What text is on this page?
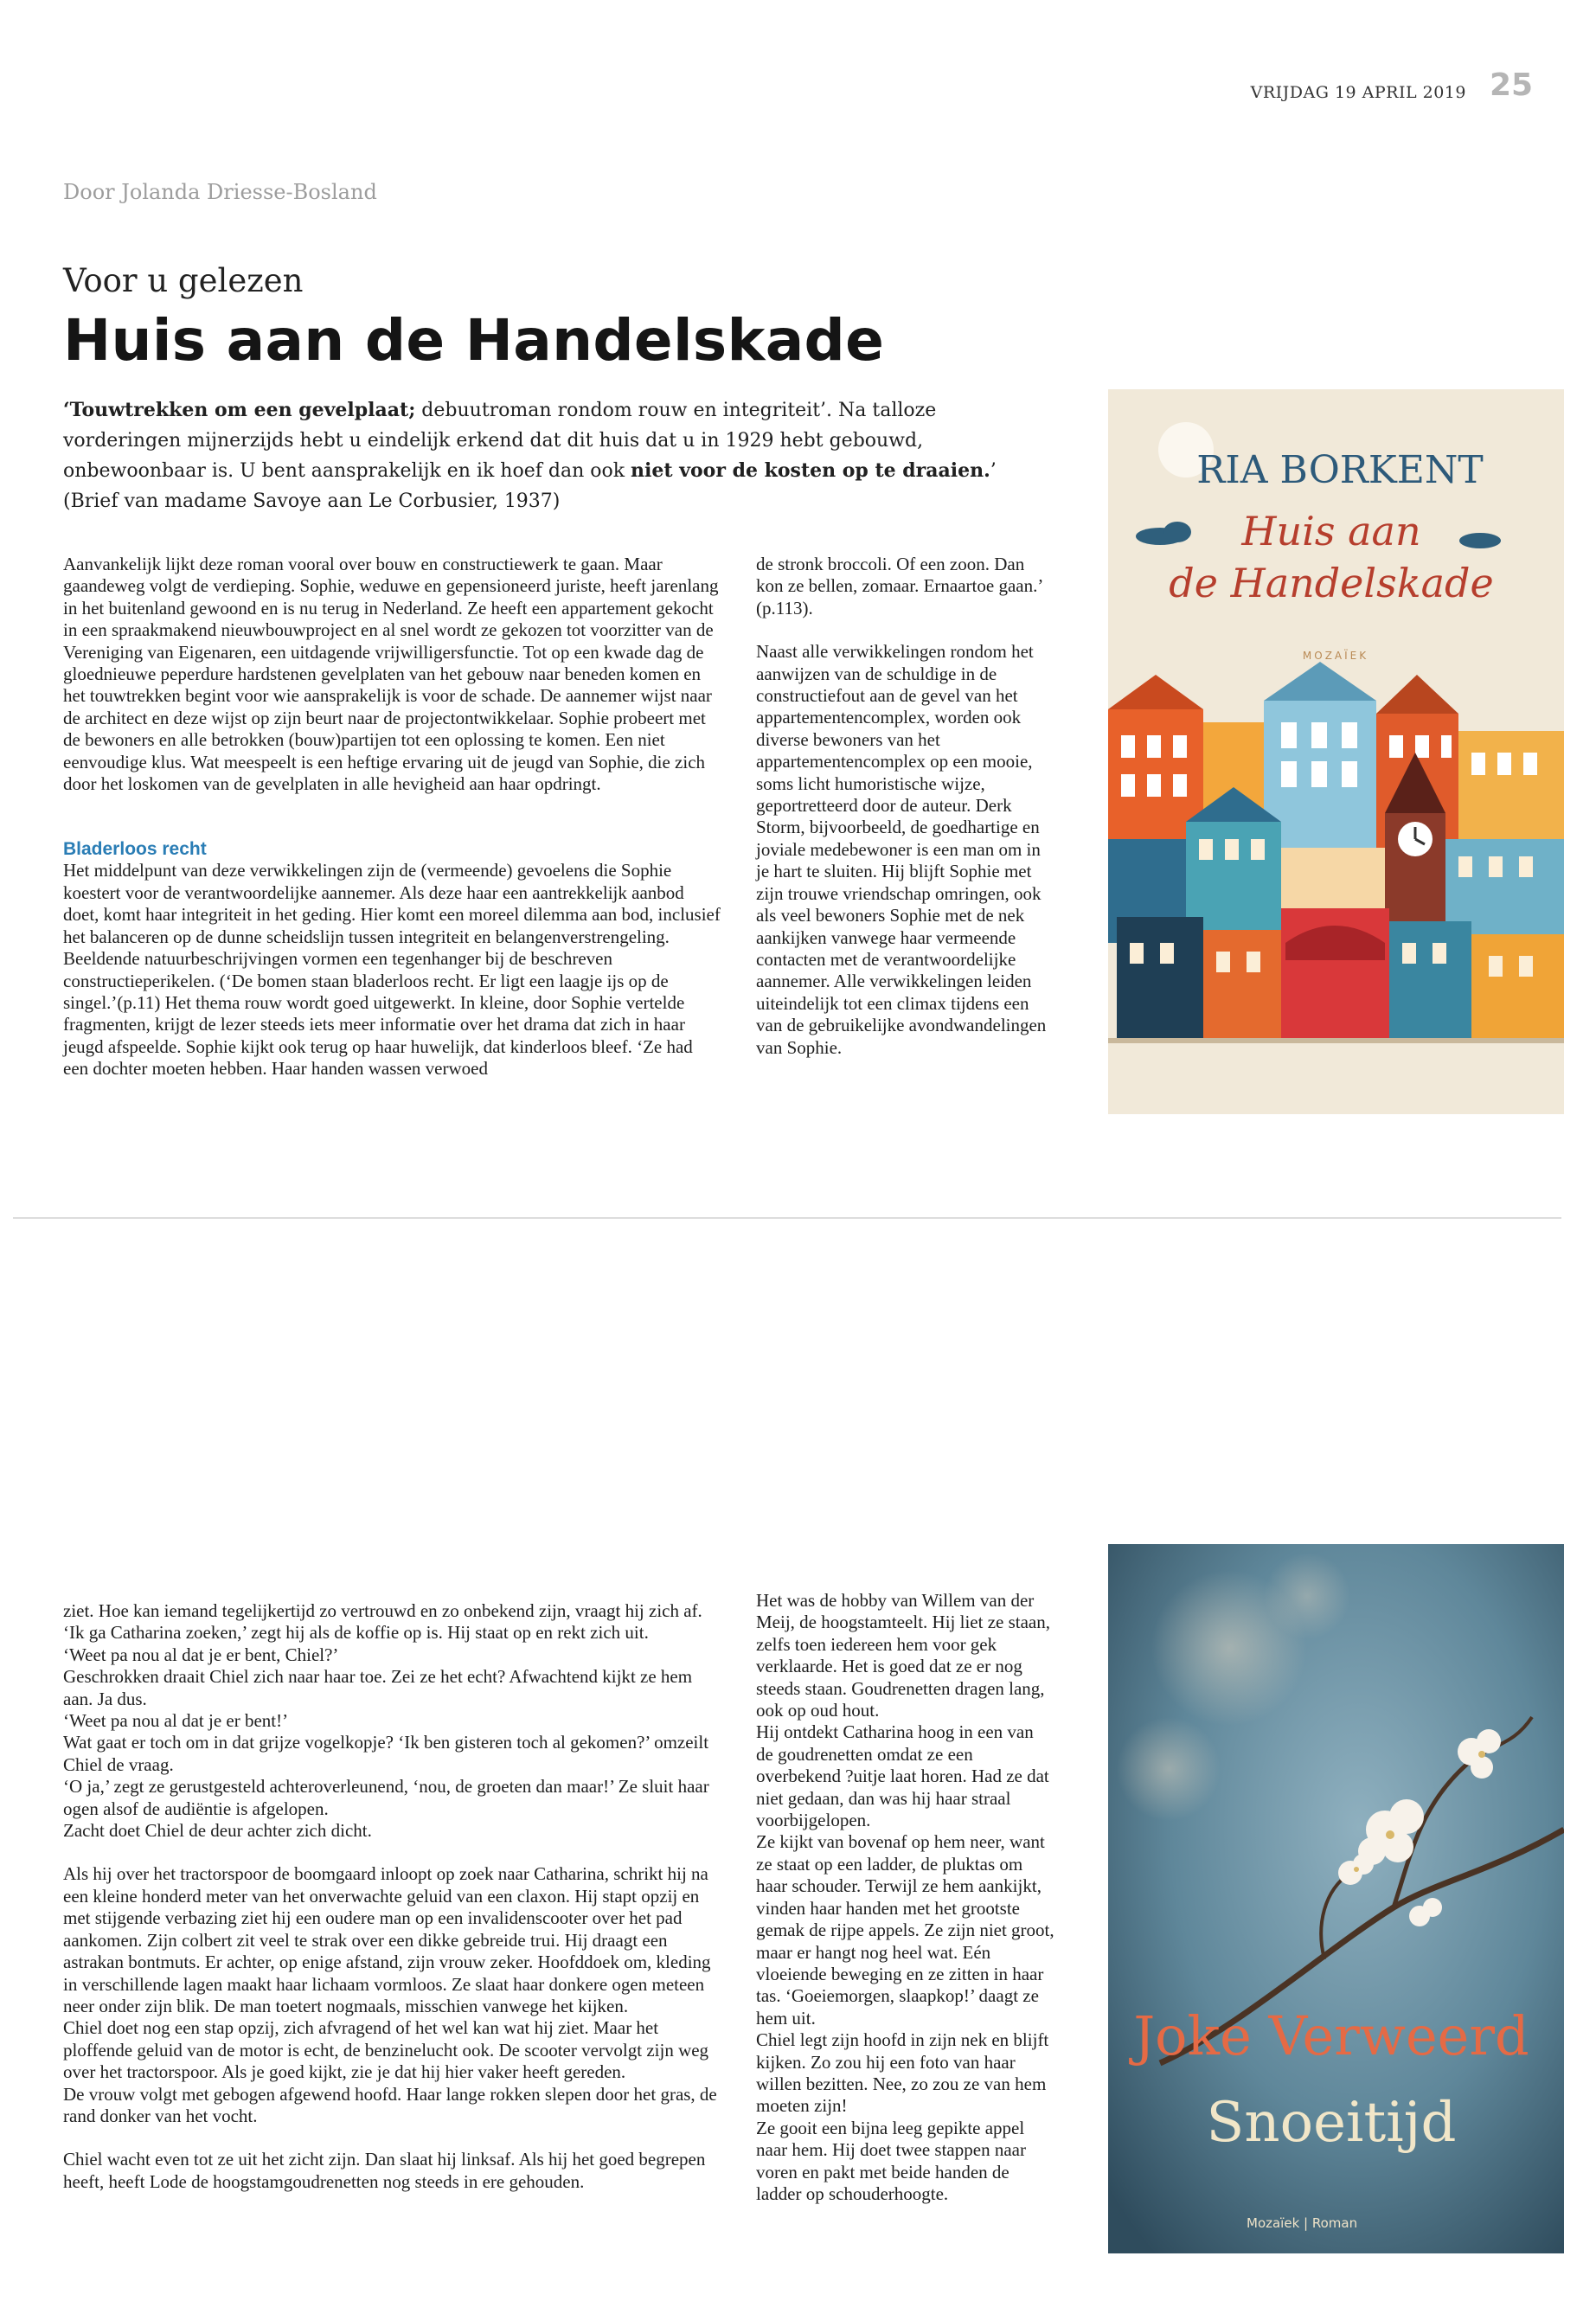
VRIJDAG 19 APRIL 2019 25
Door Jolanda Driesse-Bosland
Voor u gelezen
Huis aan de Handelskade
‘Touwtrekken om een gevelplaat; debuutroman rondom rouw en integriteit’. Na talloze vorderingen mijnerzijds hebt u eindelijk erkend dat dit huis dat u in 1929 hebt gebouwd, onbewoonbaar is. U bent aansprakelijk en ik hoef dan ook niet voor de kosten op te draaien.’ (Brief van madame Savoye aan Le Corbusier, 1937)

Aanvankelijk lijkt deze roman vooral over bouw en constructiewerk te gaan. Maar gaandeweg volgt de verdieping. Sophie, weduwe en gepensioneerd juriste, heeft jarenlang in het buitenland gewoond en is nu terug in Nederland. Ze heeft een appartement gekocht in een spraakmakend nieuwbouwproject en al snel wordt ze gekozen tot voorzitter van de Vereniging van Eigenaren, een uitdagende vrijwilligersfunctie. Tot op een kwade dag de gloednieuwe peperdure hardstenen gevelplaten van het gebouw naar beneden komen en het touwtrekken begint voor wie aansprakelijk is voor de schade. De aannemer wijst naar de architect en deze wijst op zijn beurt naar de projectontwikkelaar. Sophie probeert met de bewoners en alle betrokken (bouw)partijen tot een oplossing te komen. Een niet eenvoudige klus. Wat meespeelt is een heftige ervaring uit de jeugd van Sophie, die zich door het loskomen van de gevelplaten in alle hevigheid aan haar opdringt.

Bladerloos recht

Het middelpunt van deze verwikkelingen zijn de (vermeende) gevoelens die Sophie koestert voor de verantwoordelijke aannemer. Als deze haar een aantrekkelijk aanbod doet, komt haar integriteit in het geding. Hier komt een moreel dilemma aan bod, inclusief het balanceren op de dunne scheidslijn tussen integriteit en belangenverstrengeling. Beeldende natuurbeschrijvingen vormen een tegenhanger bij de beschreven constructieperikelen. (‘De bomen staan bladerloos recht. Er ligt een laagje ijs op de singel.’(p.11) Het thema rouw wordt goed uitgewerkt. In kleine, door Sophie vertelde fragmenten, krijgt de lezer steeds iets meer informatie over het drama dat zich in haar jeugd afspeelde. Sophie kijkt ook terug op haar huwelijk, dat kinderloos bleef. ‘Ze had een dochter moeten hebben. Haar handen wassen verwoed

de stronk broccoli. Of een zoon. Dan kon ze bellen, zomaar. Ernaartoe gaan.’ (p.113).

Naast alle verwikkelingen rondom het aanwijzen van de schuldige in de constructiefout aan de gevel van het appartementencomplex, worden ook diverse bewoners van het appartementencomplex op een mooie, soms licht humoristische wijze, geportretteerd door de auteur. Derk Storm, bijvoorbeeld, de goedhartige en joviale medebewoner is een man om in je hart te sluiten. Hij blijft Sophie met zijn trouwe vriendschap omringen, ook als veel bewoners Sophie met de nek aankijken vanwege haar vermeende contacten met de verantwoordelijke aannemer. Alle verwikkelingen leiden uiteindelijk tot een climax tijdens een van de gebruikelijke avondwandelingen van Sophie.

RIA BORKENT
Huis aan
de Handelskade
MOZAÏEK

ziet. Hoe kan iemand tegelijkertijd zo vertrouwd en zo onbekend zijn, vraagt hij zich af.

‘Ik ga Catharina zoeken,’ zegt hij als de koffie op is. Hij staat op en rekt zich uit.

‘Weet pa nou al dat je er bent, Chiel?’

Geschrokken draait Chiel zich naar haar toe. Zei ze het echt? Afwachtend kijkt ze hem aan. Ja dus.

‘Weet pa nou al dat je er bent!’

Wat gaat er toch om in dat grijze vogelkopje? ‘Ik ben gisteren toch al gekomen?’ omzeilt Chiel de vraag.

‘O ja,’ zegt ze gerustgesteld achteroverleunend, ‘nou, de groeten dan maar!’ Ze sluit haar ogen alsof de audiëntie is afgelopen.

Zacht doet Chiel de deur achter zich dicht.

Als hij over het tractorspoor de boomgaard inloopt op zoek naar Catharina, schrikt hij na een kleine honderd meter van het onverwachte geluid van een claxon. Hij stapt opzij en met stijgende verbazing ziet hij een oudere man op een invalidenscooter over het pad aankomen. Zijn colbert zit veel te strak over een dikke gebreide trui. Hij draagt een astrakan bontmuts. Er achter, op enige afstand, zijn vrouw zeker. Hoofddoek om, kleding in verschillende lagen maakt haar lichaam vormloos. Ze slaat haar donkere ogen meteen neer onder zijn blik. De man toetert nogmaals, misschien vanwege het kijken.

Chiel doet nog een stap opzij, zich afvragend of het wel kan wat hij ziet. Maar het ploffende geluid van de motor is echt, de benzinelucht ook. De scooter vervolgt zijn weg over het tractorspoor. Als je goed kijkt, zie je dat hij hier vaker heeft gereden.

De vrouw volgt met gebogen afgewend hoofd. Haar lange rokken slepen door het gras, de rand donker van het vocht.

Chiel wacht even tot ze uit het zicht zijn. Dan slaat hij linksaf. Als hij het goed begrepen heeft, heeft Lode de hoogstamgoudrenetten nog steeds in ere gehouden.

Het was de hobby van Willem van der Meij, de hoogstamteelt. Hij liet ze staan, zelfs toen iedereen hem voor gek verklaarde. Het is goed dat ze er nog steeds staan. Goudrenetten dragen lang, ook op oud hout.

Hij ontdekt Catharina hoog in een van de goudrenetten omdat ze een overbekend ?uitje laat horen. Had ze dat niet gedaan, dan was hij haar straal voorbijgelopen.

Ze kijkt van bovenaf op hem neer, want ze staat op een ladder, de pluktas om haar schouder. Terwijl ze hem aankijkt, vinden haar handen met het grootste gemak de rijpe appels. Ze zijn niet groot, maar er hangt nog heel wat. Eén vloeiende beweging en ze zitten in haar tas. ‘Goeiemorgen, slaapkop!’ daagt ze hem uit.

Chiel legt zijn hoofd in zijn nek en blijft kijken. Zo zou hij een foto van haar willen bezitten. Nee, zo zou ze van hem moeten zijn!

Ze gooit een bijna leeg gepikte appel naar hem. Hij doet twee stappen naar voren en pakt met beide handen de ladder op schouderhoogte.

Joke Verweerd
Snoeitijd
Mozaïek | Roman
